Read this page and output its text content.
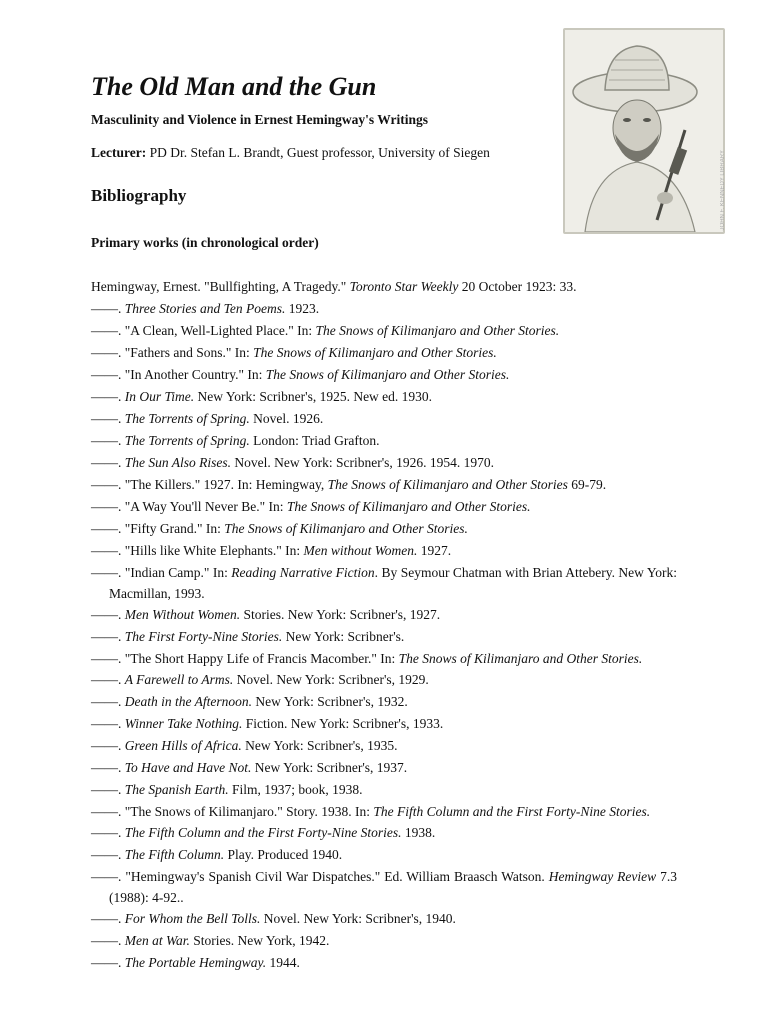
The Old Man and the Gun
Masculinity and Violence in Ernest Hemingway's Writings
Lecturer: PD Dr. Stefan L. Brandt, Guest professor, University of Siegen
Bibliography
Primary works (in chronological order)
JOHN F. KENNEDY LIBRARY
Hemingway, Ernest. "Bullfighting, A Tragedy." Toronto Star Weekly 20 October 1923: 33.
——. Three Stories and Ten Poems. 1923.
——. "A Clean, Well-Lighted Place." In: The Snows of Kilimanjaro and Other Stories.
——. "Fathers and Sons." In: The Snows of Kilimanjaro and Other Stories.
——. "In Another Country." In: The Snows of Kilimanjaro and Other Stories.
——. In Our Time. New York: Scribner's, 1925. New ed. 1930.
——. The Torrents of Spring. Novel. 1926.
——. The Torrents of Spring. London: Triad Grafton.
——. The Sun Also Rises. Novel. New York: Scribner's, 1926. 1954. 1970.
——. "The Killers." 1927. In: Hemingway, The Snows of Kilimanjaro and Other Stories 69-79.
——. "A Way You'll Never Be." In: The Snows of Kilimanjaro and Other Stories.
——. "Fifty Grand." In: The Snows of Kilimanjaro and Other Stories.
——. "Hills like White Elephants." In: Men without Women. 1927.
——. "Indian Camp." In: Reading Narrative Fiction. By Seymour Chatman with Brian Attebery. New York: Macmillan, 1993.
——. Men Without Women. Stories. New York: Scribner's, 1927.
——. The First Forty-Nine Stories. New York: Scribner's.
——. "The Short Happy Life of Francis Macomber." In: The Snows of Kilimanjaro and Other Stories.
——. A Farewell to Arms. Novel. New York: Scribner's, 1929.
——. Death in the Afternoon. New York: Scribner's, 1932.
——. Winner Take Nothing. Fiction. New York: Scribner's, 1933.
——. Green Hills of Africa. New York: Scribner's, 1935.
——. To Have and Have Not. New York: Scribner's, 1937.
——. The Spanish Earth. Film, 1937; book, 1938.
——. "The Snows of Kilimanjaro." Story. 1938. In: The Fifth Column and the First Forty-Nine Stories.
——. The Fifth Column and the First Forty-Nine Stories. 1938.
——. The Fifth Column. Play. Produced 1940.
——. "Hemingway's Spanish Civil War Dispatches." Ed. William Braasch Watson. Hemingway Review 7.3 (1988): 4-92..
——. For Whom the Bell Tolls. Novel. New York: Scribner's, 1940.
——. Men at War. Stories. New York, 1942.
——. The Portable Hemingway. 1944.
